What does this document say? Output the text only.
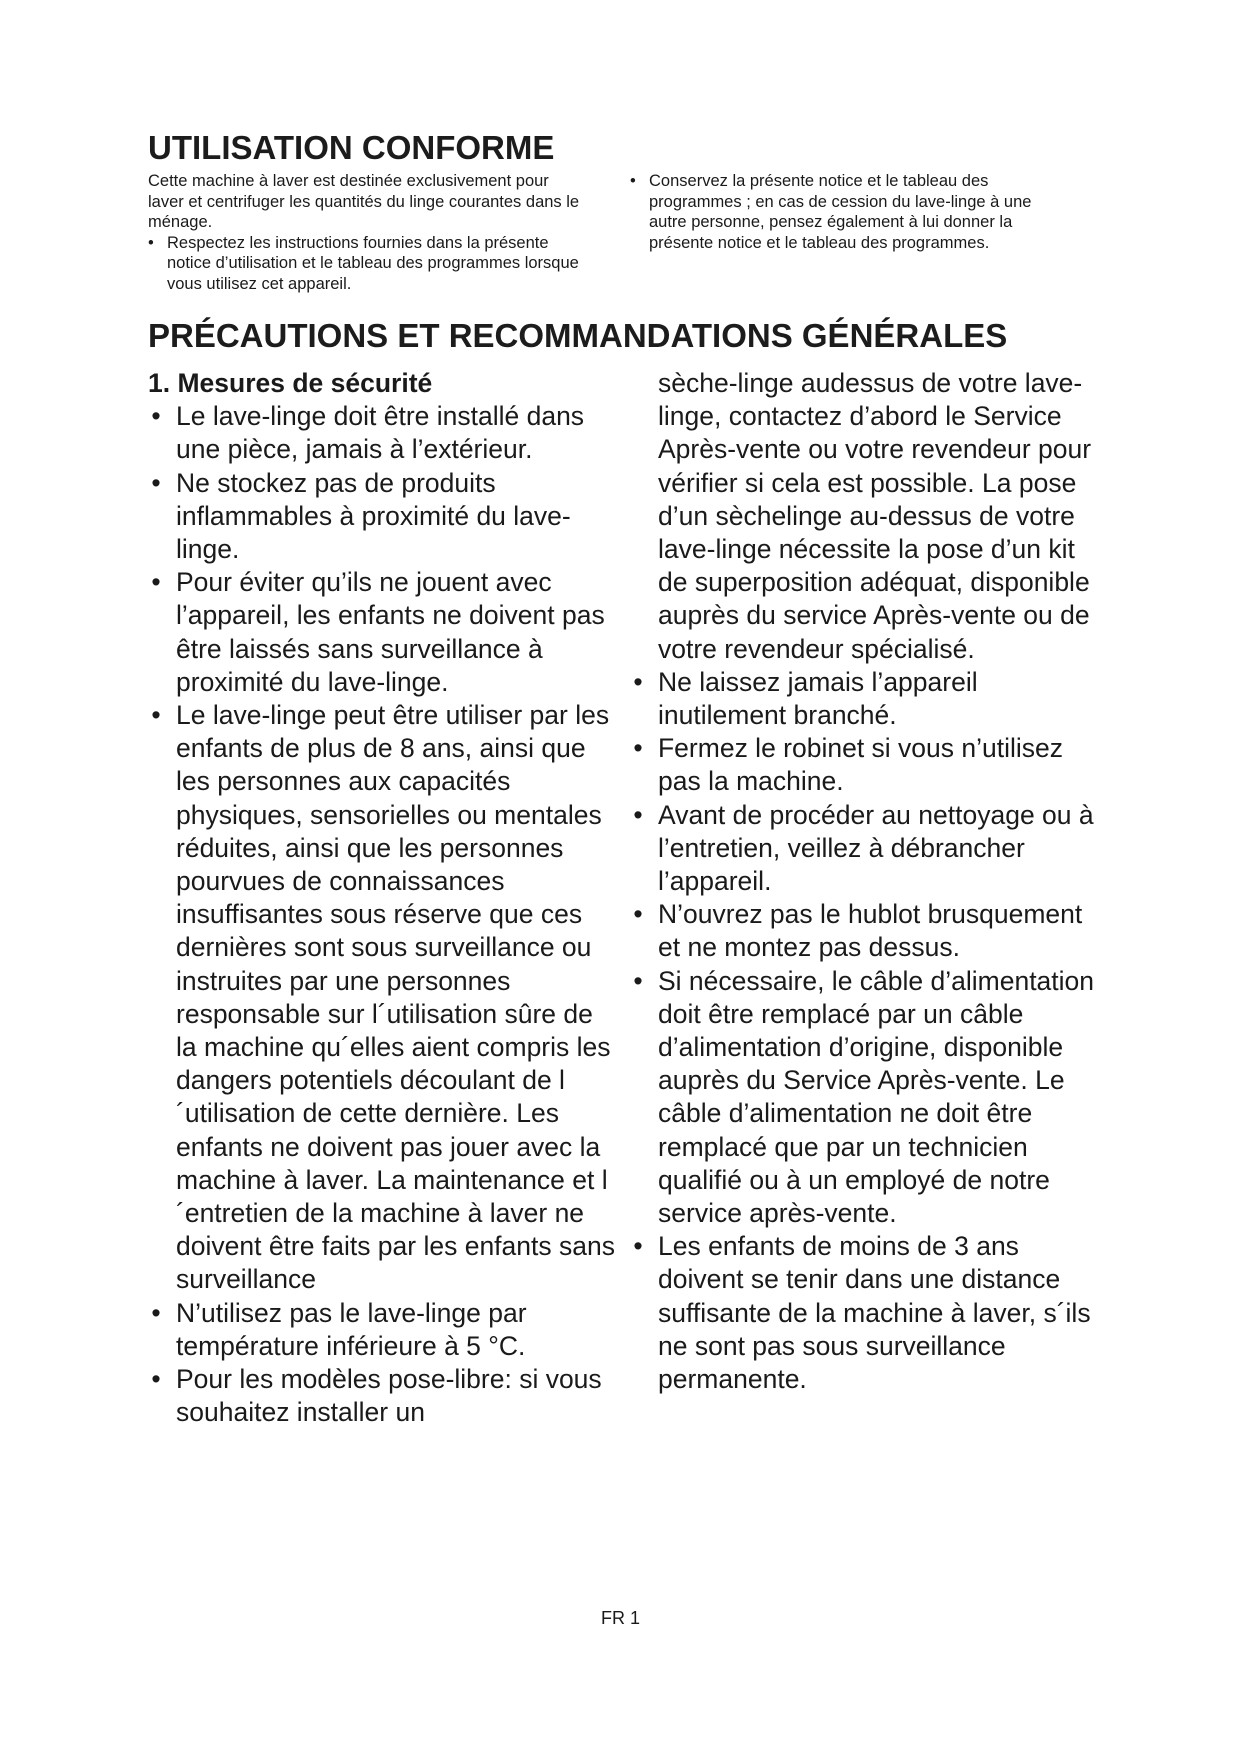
UTILISATION CONFORME

Cette machine à laver est destinée exclusivement pour laver et centrifuger les quantités du linge courantes dans le ménage.

• Respectez les instructions fournies dans la présente notice d’utilisation et le tableau des programmes lorsque vous utilisez cet appareil.

• Conservez la présente notice et le tableau des programmes ; en cas de cession du lave-linge à une autre personne, pensez également à lui donner la présente notice et le tableau des programmes.

PRÉCAUTIONS ET RECOMMANDATIONS GÉNÉRALES

1. Mesures de sécurité

• Le lave-linge doit être installé dans une pièce, jamais à l’extérieur.
• Ne stockez pas de produits inflammables à proximité du lave-linge.
• Pour éviter qu’ils ne jouent avec l’appareil, les enfants ne doivent pas être laissés sans surveillance à proximité du lave-linge.
• Le lave-linge peut être utiliser par les enfants de plus de 8 ans, ainsi que les personnes aux capacités physiques, sensorielles ou mentales réduites, ainsi que les personnes pourvues de connaissances insuffisantes sous réserve que ces dernières sont sous surveillance ou instruites par une personnes responsable sur l´utilisation sûre de la machine qu´elles aient compris les dangers potentiels découlant de l´utilisation de cette dernière. Les enfants ne doivent pas jouer avec la machine à laver. La maintenance et l´entretien de la machine à laver ne doivent être faits par les enfants sans surveillance
• N’utilisez pas le lave-linge par température inférieure à 5 °C.
• Pour les modèles pose-libre: si vous souhaitez installer un

sèche-linge audessus de votre lave-linge, contactez d’abord le Service Après-vente ou votre revendeur pour vérifier si cela est possible. La pose d’un sèchelinge au-dessus de votre lave-linge nécessite la pose d’un kit de superposition adéquat, disponible auprès du service Après-vente ou de votre revendeur spécialisé.

• Ne laissez jamais l’appareil inutilement branché.
• Fermez le robinet si vous n’utilisez pas la machine.
• Avant de procéder au nettoyage ou à l’entretien, veillez à débrancher l’appareil.
• N’ouvrez pas le hublot brusquement et ne montez pas dessus.
• Si nécessaire, le câble d’alimentation doit être remplacé par un câble d’alimentation d’origine, disponible auprès du Service Après-vente. Le câble d’alimentation ne doit être remplacé que par un technicien qualifié ou à un employé de notre service après-vente.
• Les enfants de moins de 3 ans doivent se tenir dans une distance suffisante de la machine à laver, s´ils ne sont pas sous surveillance permanente.
FR 1
